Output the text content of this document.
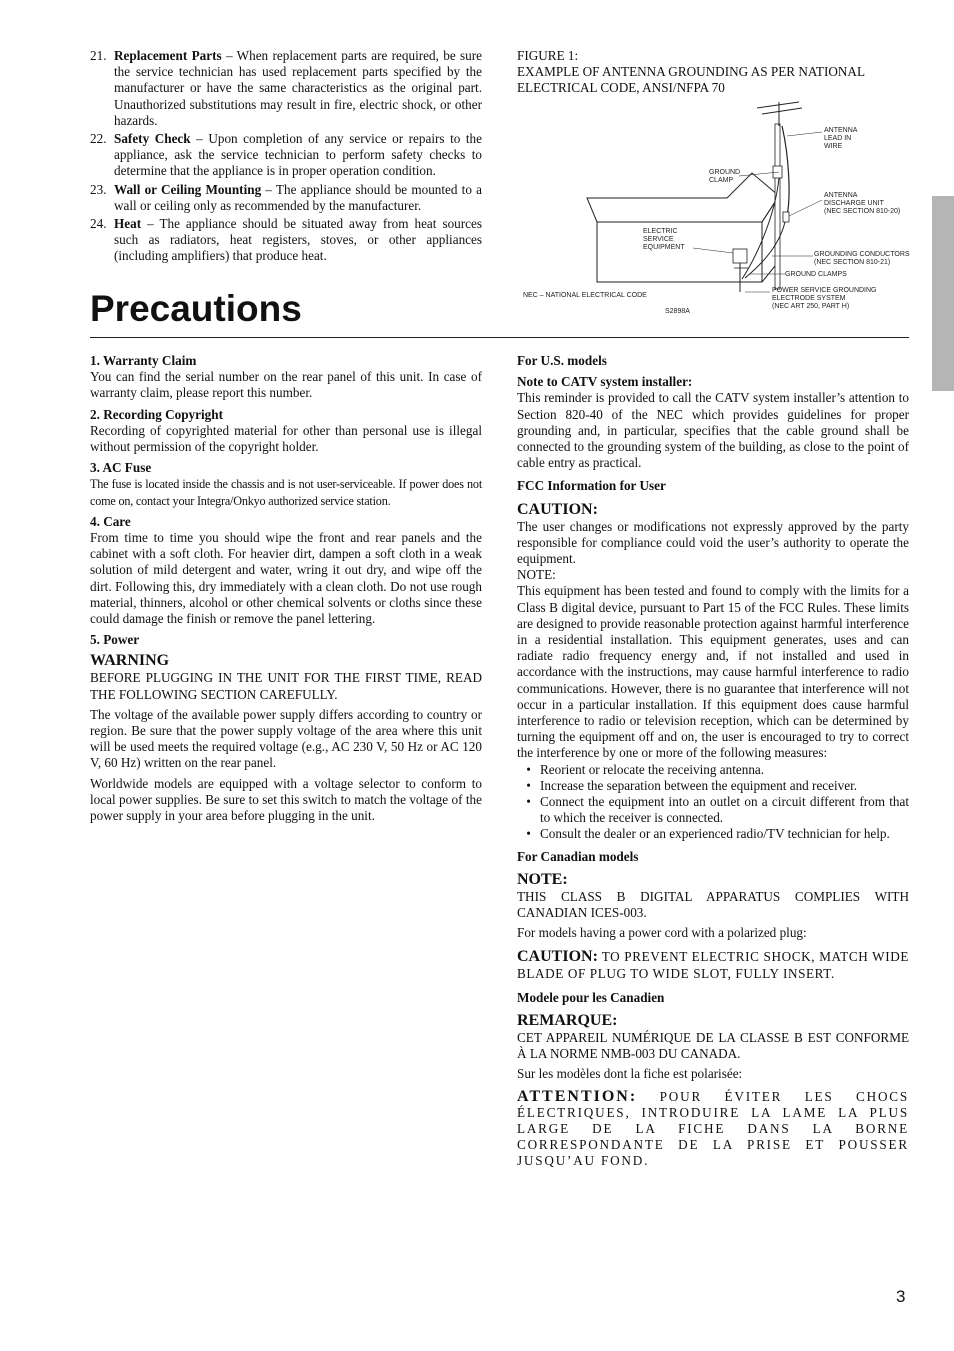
21. Replacement Parts – When replacement parts are required, be sure the service technician has used replacement parts specified by the manufacturer or have the same characteristics as the original part. Unauthorized substitutions may result in fire, electric shock, or other hazards.
22. Safety Check – Upon completion of any service or repairs to the appliance, ask the service technician to perform safety checks to determine that the appliance is in proper operation condition.
23. Wall or Ceiling Mounting – The appliance should be mounted to a wall or ceiling only as recommended by the manufacturer.
24. Heat – The appliance should be situated away from heat sources such as radiators, heat registers, stoves, or other appliances (including amplifiers) that produce heat.

FIGURE 1:

EXAMPLE OF ANTENNA GROUNDING AS PER NATIONAL ELECTRICAL CODE, ANSI/NFPA 70

ANTENNA
LEAD IN
WIRE
GROUND
CLAMP
ANTENNA
DISCHARGE UNIT
(NEC SECTION 810-20)
ELECTRIC
SERVICE
EQUIPMENT
GROUNDING CONDUCTORS
(NEC SECTION 810-21)
GROUND CLAMPS
POWER SERVICE GROUNDING
ELECTRODE SYSTEM
(NEC ART 250, PART H)
NEC – NATIONAL ELECTRICAL CODE
S2898A
Precautions

1. Warranty Claim

You can find the serial number on the rear panel of this unit. In case of warranty claim, please report this number.

2. Recording Copyright

Recording of copyrighted material for other than personal use is illegal without permission of the copyright holder.

3. AC Fuse

The fuse is located inside the chassis and is not user-serviceable. If power does not come on, contact your Integra/Onkyo authorized service station.

4. Care

From time to time you should wipe the front and rear panels and the cabinet with a soft cloth. For heavier dirt, dampen a soft cloth in a weak solution of mild detergent and water, wring it out dry, and wipe off the dirt. Following this, dry immediately with a clean cloth. Do not use rough material, thinners, alcohol or other chemical solvents or cloths since these could damage the finish or remove the panel lettering.

5. Power

WARNING

BEFORE PLUGGING IN THE UNIT FOR THE FIRST TIME, READ THE FOLLOWING SECTION CAREFULLY.

The voltage of the available power supply differs according to country or region. Be sure that the power supply voltage of the area where this unit will be used meets the required voltage (e.g., AC 230 V, 50 Hz or AC 120 V, 60 Hz) written on the rear panel.

Worldwide models are equipped with a voltage selector to conform to local power supplies. Be sure to set this switch to match the voltage of the power supply in your area before plugging in the unit.

For U.S. models

Note to CATV system installer:

This reminder is provided to call the CATV system installer’s attention to Section 820-40 of the NEC which provides guidelines for proper grounding and, in particular, specifies that the cable ground shall be connected to the grounding system of the building, as close to the point of cable entry as practical.

FCC Information for User

CAUTION:

The user changes or modifications not expressly approved by the party responsible for compliance could void the user’s authority to operate the equipment.

NOTE:

This equipment has been tested and found to comply with the limits for a Class B digital device, pursuant to Part 15 of the FCC Rules. These limits are designed to provide reasonable protection against harmful interference in a residential installation. This equipment generates, uses and can radiate radio frequency energy and, if not installed and used in accordance with the instructions, may cause harmful interference to radio communications. However, there is no guarantee that interference will not occur in a particular installation. If this equipment does cause harmful interference to radio or television reception, which can be determined by turning the equipment off and on, the user is encouraged to try to correct the interference by one or more of the following measures:

• Reorient or relocate the receiving antenna.
• Increase the separation between the equipment and receiver.
• Connect the equipment into an outlet on a circuit different from that to which the receiver is connected.
• Consult the dealer or an experienced radio/TV technician for help.

For Canadian models

NOTE:

THIS CLASS B DIGITAL APPARATUS COMPLIES WITH CANADIAN ICES-003.

For models having a power cord with a polarized plug:

CAUTION: TO PREVENT ELECTRIC SHOCK, MATCH WIDE BLADE OF PLUG TO WIDE SLOT, FULLY INSERT.

Modele pour les Canadien

REMARQUE:

CET APPAREIL NUMÉRIQUE DE LA CLASSE B EST CONFORME À LA NORME NMB-003 DU CANADA.

Sur les modèles dont la fiche est polarisée:

ATTENTION: POUR ÉVITER LES CHOCS ÉLECTRIQUES, INTRODUIRE LA LAME LA PLUS LARGE DE LA FICHE DANS LA BORNE CORRESPONDANTE DE LA PRISE ET POUSSER JUSQU’AU FOND.

3
